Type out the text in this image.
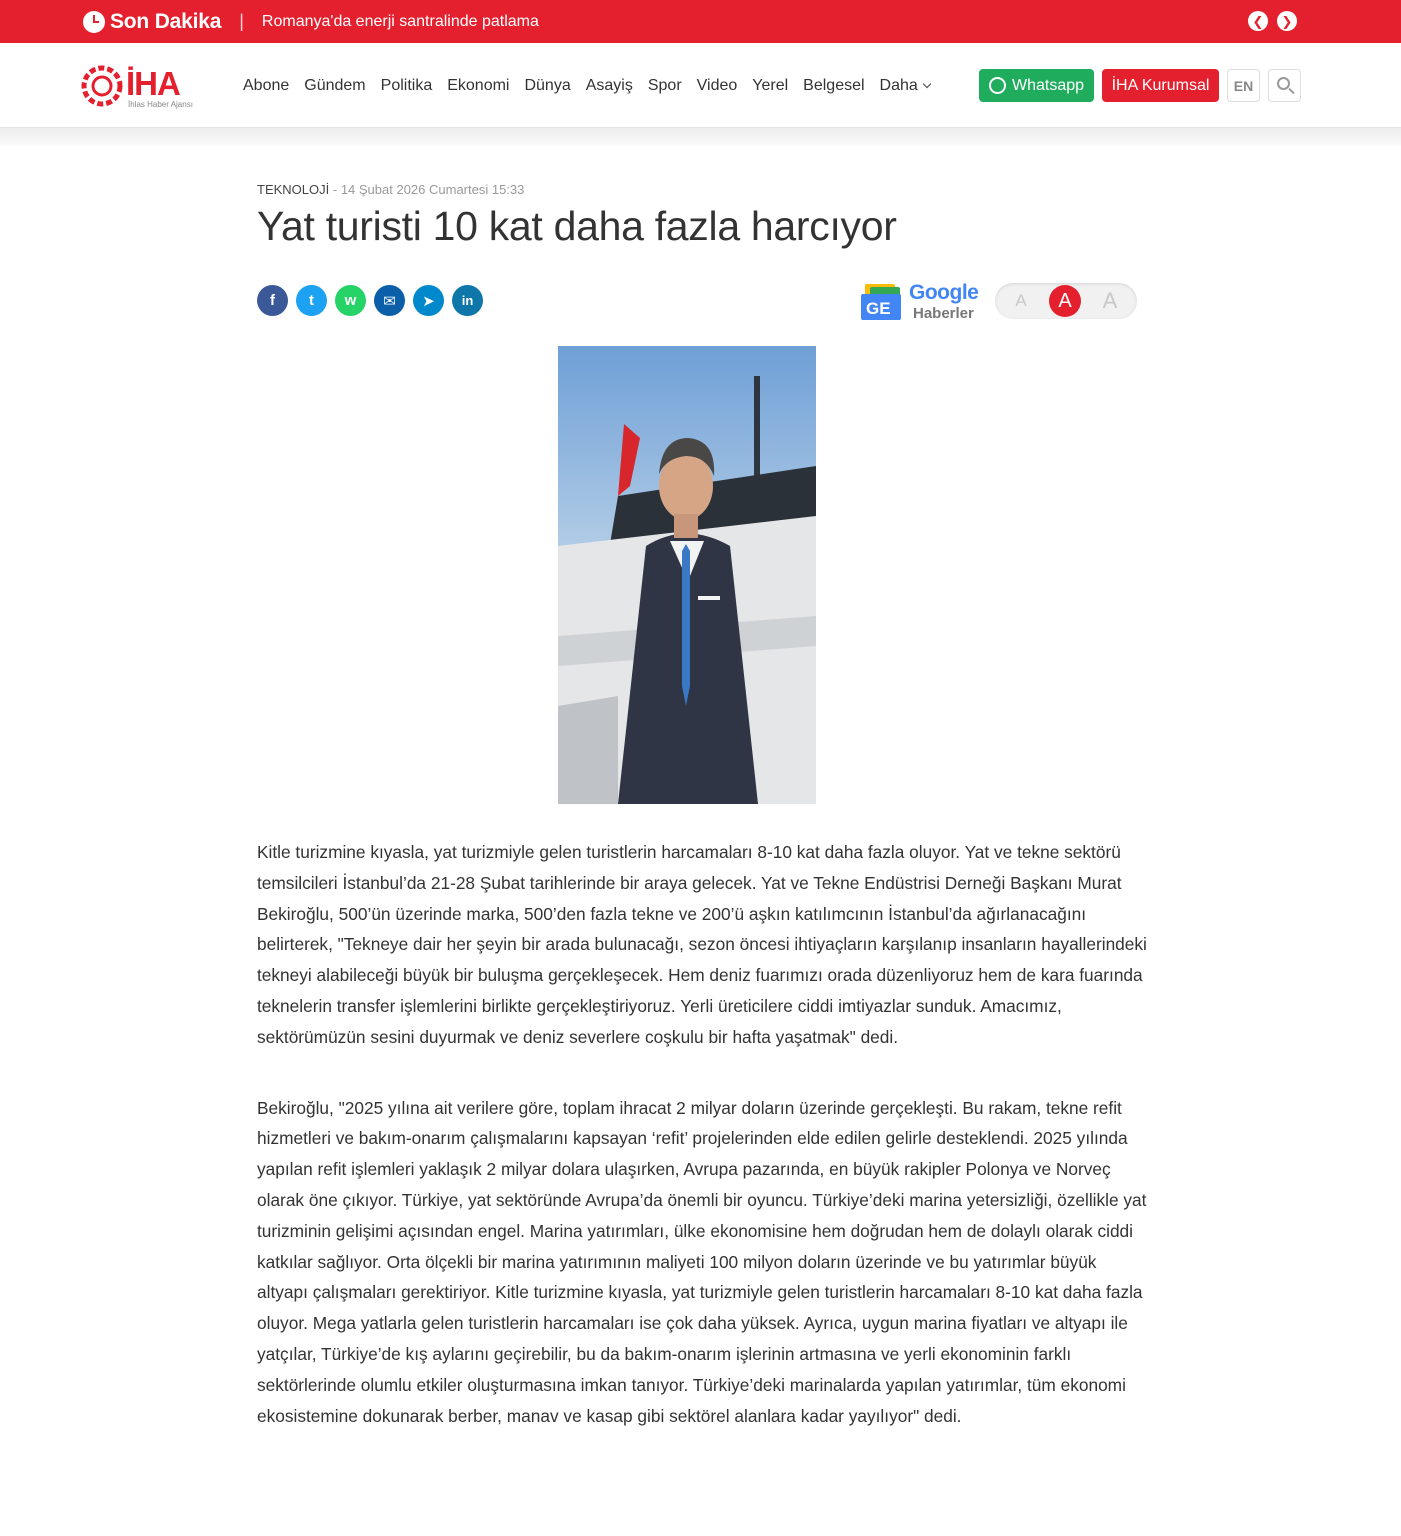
Son Dakika | Romanya'da enerji santralinde patlama	❮	❯
İHA
İhlas Haber Ajansı
Abone Gündem Politika Ekonomi Dünya Asayiş Spor Video Yerel Belgesel Daha	Whatsapp	İHA Kurumsal	EN
TEKNOLOJİ - 14 Şubat 2026 Cumartesi 15:33
Yat turisti 10 kat daha fazla harcıyor
f	t	w	✉	➤	in	GE
Google
Haberler
A	A	A

Kitle turizmine kıyasla, yat turizmiyle gelen turistlerin harcamaları 8-10 kat daha fazla oluyor. Yat ve tekne sektörü temsilcileri İstanbul’da 21-28 Şubat tarihlerinde bir araya gelecek. Yat ve Tekne Endüstrisi Derneği Başkanı Murat Bekiroğlu, 500’ün üzerinde marka, 500’den fazla tekne ve 200’ü aşkın katılımcının İstanbul’da ağırlanacağını belirterek, "Tekneye dair her şeyin bir arada bulunacağı, sezon öncesi ihtiyaçların karşılanıp insanların hayallerindeki tekneyi alabileceği büyük bir buluşma gerçekleşecek. Hem deniz fuarımızı orada düzenliyoruz hem de kara fuarında teknelerin transfer işlemlerini birlikte gerçekleştiriyoruz. Yerli üreticilere ciddi imtiyazlar sunduk. Amacımız, sektörümüzün sesini duyurmak ve deniz severlere coşkulu bir hafta yaşatmak" dedi.

Bekiroğlu, "2025 yılına ait verilere göre, toplam ihracat 2 milyar doların üzerinde gerçekleşti. Bu rakam, tekne refit hizmetleri ve bakım-onarım çalışmalarını kapsayan ‘refit’ projelerinden elde edilen gelirle desteklendi. 2025 yılında yapılan refit işlemleri yaklaşık 2 milyar dolara ulaşırken, Avrupa pazarında, en büyük rakipler Polonya ve Norveç olarak öne çıkıyor. Türkiye, yat sektöründe Avrupa’da önemli bir oyuncu. Türkiye’deki marina yetersizliği, özellikle yat turizminin gelişimi açısından engel. Marina yatırımları, ülke ekonomisine hem doğrudan hem de dolaylı olarak ciddi katkılar sağlıyor. Orta ölçekli bir marina yatırımının maliyeti 100 milyon doların üzerinde ve bu yatırımlar büyük altyapı çalışmaları gerektiriyor. Kitle turizmine kıyasla, yat turizmiyle gelen turistlerin harcamaları 8-10 kat daha fazla oluyor. Mega yatlarla gelen turistlerin harcamaları ise çok daha yüksek. Ayrıca, uygun marina fiyatları ve altyapı ile yatçılar, Türkiye’de kış aylarını geçirebilir, bu da bakım-onarım işlerinin artmasına ve yerli ekonominin farklı sektörlerinde olumlu etkiler oluşturmasına imkan tanıyor. Türkiye’deki marinalarda yapılan yatırımlar, tüm ekonomi ekosistemine dokunarak berber, manav ve kasap gibi sektörel alanlara kadar yayılıyor" dedi.
